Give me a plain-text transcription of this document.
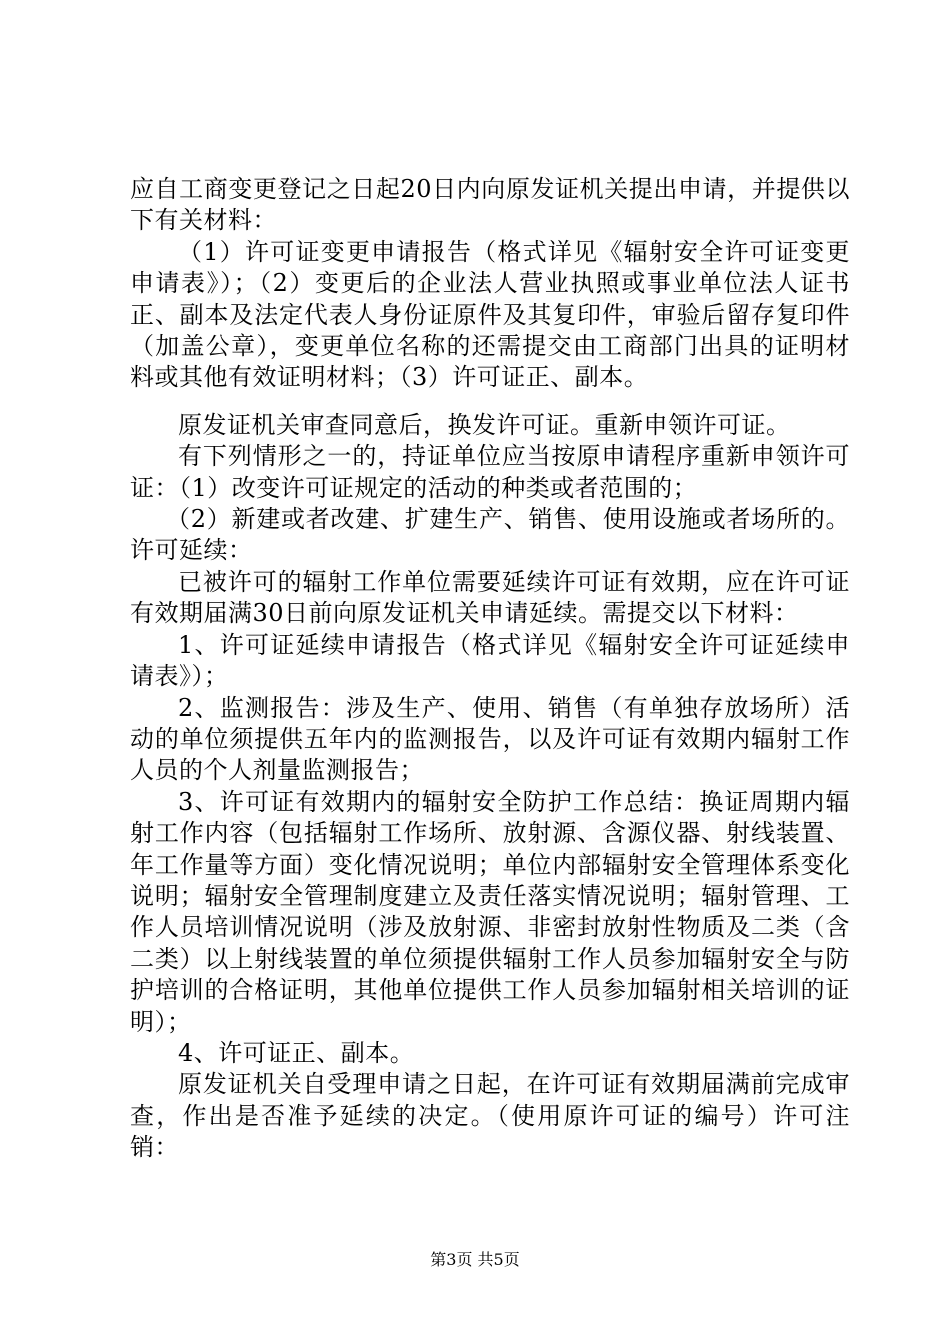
应自工商变更登记之日起20日内向原发证机关提出申请，并提供以下有关材料：

（1）许可证变更申请报告（格式详见《辐射安全许可证变更申请表》）；（2）变更后的企业法人营业执照或事业单位法人证书正、副本及法定代表人身份证原件及其复印件，审验后留存复印件（加盖公章），变更单位名称的还需提交由工商部门出具的证明材料或其他有效证明材料；（3）许可证正、副本。

原发证机关审查同意后，换发许可证。重新申领许可证。

有下列情形之一的，持证单位应当按原申请程序重新申领许可证：（1）改变许可证规定的活动的种类或者范围的；

（2）新建或者改建、扩建生产、销售、使用设施或者场所的。许可延续：

已被许可的辐射工作单位需要延续许可证有效期，应在许可证有效期届满30日前向原发证机关申请延续。需提交以下材料：

1、许可证延续申请报告（格式详见《辐射安全许可证延续申请表》）；

2、监测报告：涉及生产、使用、销售（有单独存放场所）活动的单位须提供五年内的监测报告，以及许可证有效期内辐射工作人员的个人剂量监测报告；

3、许可证有效期内的辐射安全防护工作总结：换证周期内辐射工作内容（包括辐射工作场所、放射源、含源仪器、射线装置、年工作量等方面）变化情况说明；单位内部辐射安全管理体系变化说明；辐射安全管理制度建立及责任落实情况说明；辐射管理、工作人员培训情况说明（涉及放射源、非密封放射性物质及二类（含二类）以上射线装置的单位须提供辐射工作人员参加辐射安全与防护培训的合格证明，其他单位提供工作人员参加辐射相关培训的证明）；

4、许可证正、副本。

原发证机关自受理申请之日起，在许可证有效期届满前完成审查，作出是否准予延续的决定。（使用原许可证的编号）许可注销：

第3页 共5页
